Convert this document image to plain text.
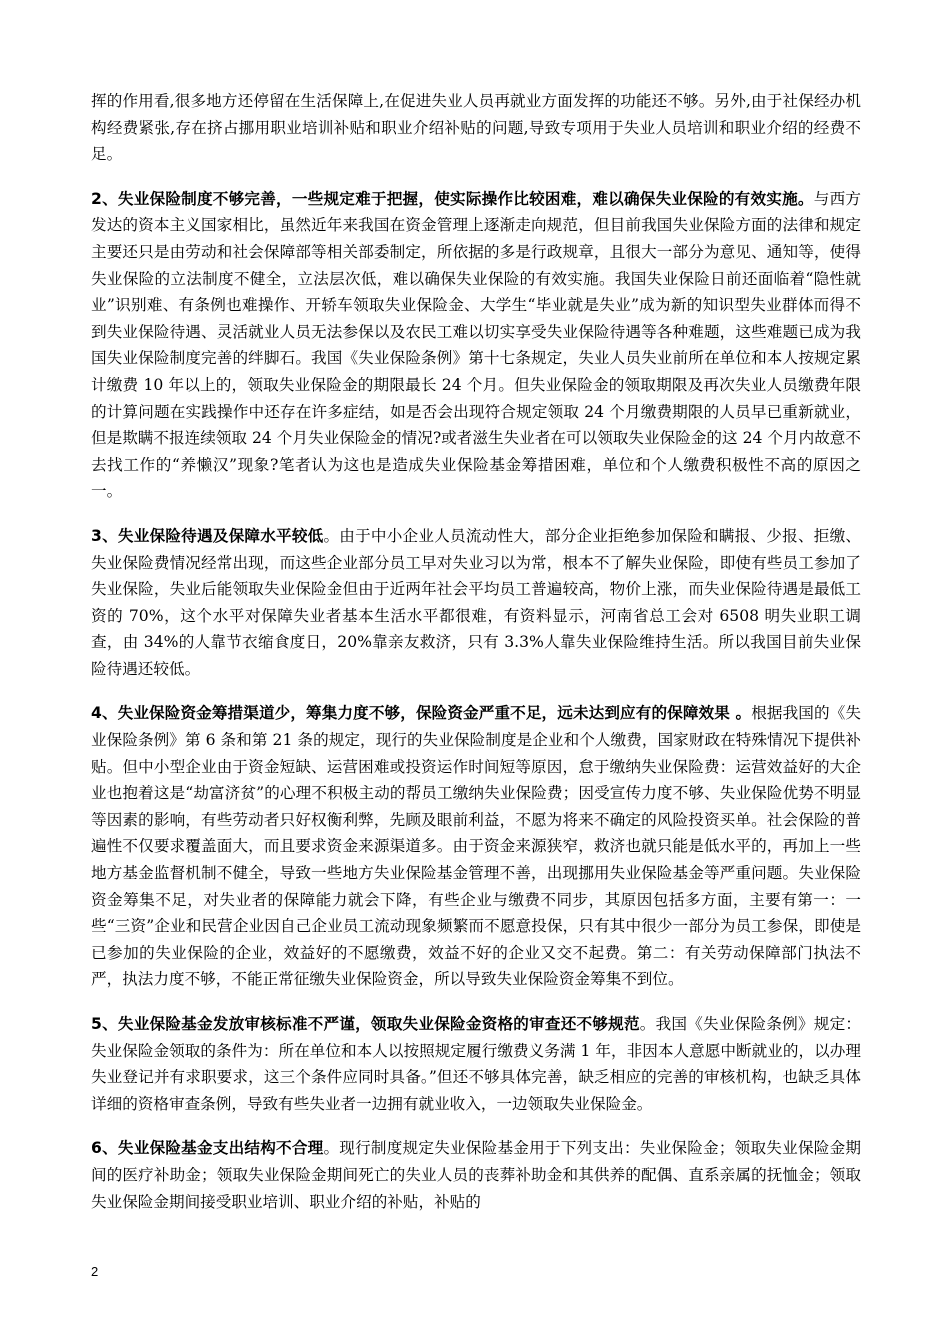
挥的作用看,很多地方还停留在生活保障上,在促进失业人员再就业方面发挥的功能还不够。另外,由于社保经办机构经费紧张,存在挤占挪用职业培训补贴和职业介绍补贴的问题,导致专项用于失业人员培训和职业介绍的经费不足。

2、失业保险制度不够完善，一些规定难于把握，使实际操作比较困难，难以确保失业保险的有效实施。与西方发达的资本主义国家相比，虽然近年来我国在资金管理上逐渐走向规范，但目前我国失业保险方面的法律和规定主要还只是由劳动和社会保障部等相关部委制定，所依据的多是行政规章，且很大一部分为意见、通知等，使得失业保险的立法制度不健全，立法层次低，难以确保失业保险的有效实施。我国失业保险日前还面临着“隐性就业”识别难、有条例也难操作、开轿车领取失业保险金、大学生“毕业就是失业”成为新的知识型失业群体而得不到失业保险待遇、灵活就业人员无法参保以及农民工难以切实享受失业保险待遇等各种难题，这些难题已成为我国失业保险制度完善的绊脚石。我国《失业保险条例》第十七条规定，失业人员失业前所在单位和本人按规定累计缴费 10 年以上的，领取失业保险金的期限最长 24 个月。但失业保险金的领取期限及再次失业人员缴费年限的计算问题在实践操作中还存在许多症结，如是否会出现符合规定领取 24 个月缴费期限的人员早已重新就业，但是欺瞒不报连续领取 24 个月失业保险金的情况?或者滋生失业者在可以领取失业保险金的这 24 个月内故意不去找工作的“养懒汉”现象?笔者认为这也是造成失业保险基金筹措困难，单位和个人缴费积极性不高的原因之一。

3、失业保险待遇及保障水平较低。由于中小企业人员流动性大，部分企业拒绝参加保险和瞒报、少报、拒缴、失业保险费情况经常出现，而这些企业部分员工早对失业习以为常，根本不了解失业保险，即使有些员工参加了失业保险，失业后能领取失业保险金但由于近两年社会平均员工普遍较高，物价上涨，而失业保险待遇是最低工资的 70%，这个水平对保障失业者基本生活水平都很难，有资料显示，河南省总工会对 6508 明失业职工调查，由 34%的人靠节衣缩食度日，20%靠亲友救济，只有 3.3%人靠失业保险维持生活。所以我国目前失业保险待遇还较低。

4、失业保险资金筹措渠道少，筹集力度不够，保险资金严重不足，远未达到应有的保障效果 。根据我国的《失业保险条例》第 6 条和第 21 条的规定，现行的失业保险制度是企业和个人缴费，国家财政在特殊情况下提供补贴。但中小型企业由于资金短缺、运营困难或投资运作时间短等原因，怠于缴纳失业保险费：运营效益好的大企业也抱着这是“劫富济贫”的心理不积极主动的帮员工缴纳失业保险费；因受宣传力度不够、失业保险优势不明显等因素的影响，有些劳动者只好权衡利弊，先顾及眼前利益，不愿为将来不确定的风险投资买单。社会保险的普遍性不仅要求覆盖面大，而且要求资金来源渠道多。由于资金来源狭窄，救济也就只能是低水平的，再加上一些地方基金监督机制不健全，导致一些地方失业保险基金管理不善，出现挪用失业保险基金等严重问题。失业保险资金筹集不足，对失业者的保障能力就会下降，有些企业与缴费不同步，其原因包括多方面，主要有第一：一些“三资”企业和民营企业因自己企业员工流动现象频繁而不愿意投保，只有其中很少一部分为员工参保，即使是已参加的失业保险的企业，效益好的不愿缴费，效益不好的企业又交不起费。第二：有关劳动保障部门执法不严，执法力度不够，不能正常征缴失业保险资金，所以导致失业保险资金筹集不到位。

5、失业保险基金发放审核标准不严谨，领取失业保险金资格的审查还不够规范。我国《失业保险条例》规定：失业保险金领取的条件为：所在单位和本人以按照规定履行缴费义务满 1 年，非因本人意愿中断就业的，以办理失业登记并有求职要求，这三个条件应同时具备。”但还不够具体完善，缺乏相应的完善的审核机构，也缺乏具体详细的资格审查条例，导致有些失业者一边拥有就业收入，一边领取失业保险金。

6、失业保险基金支出结构不合理。现行制度规定失业保险基金用于下列支出：失业保险金；领取失业保险金期间的医疗补助金；领取失业保险金期间死亡的失业人员的丧葬补助金和其供养的配偶、直系亲属的抚恤金；领取失业保险金期间接受职业培训、职业介绍的补贴，补贴的

2
